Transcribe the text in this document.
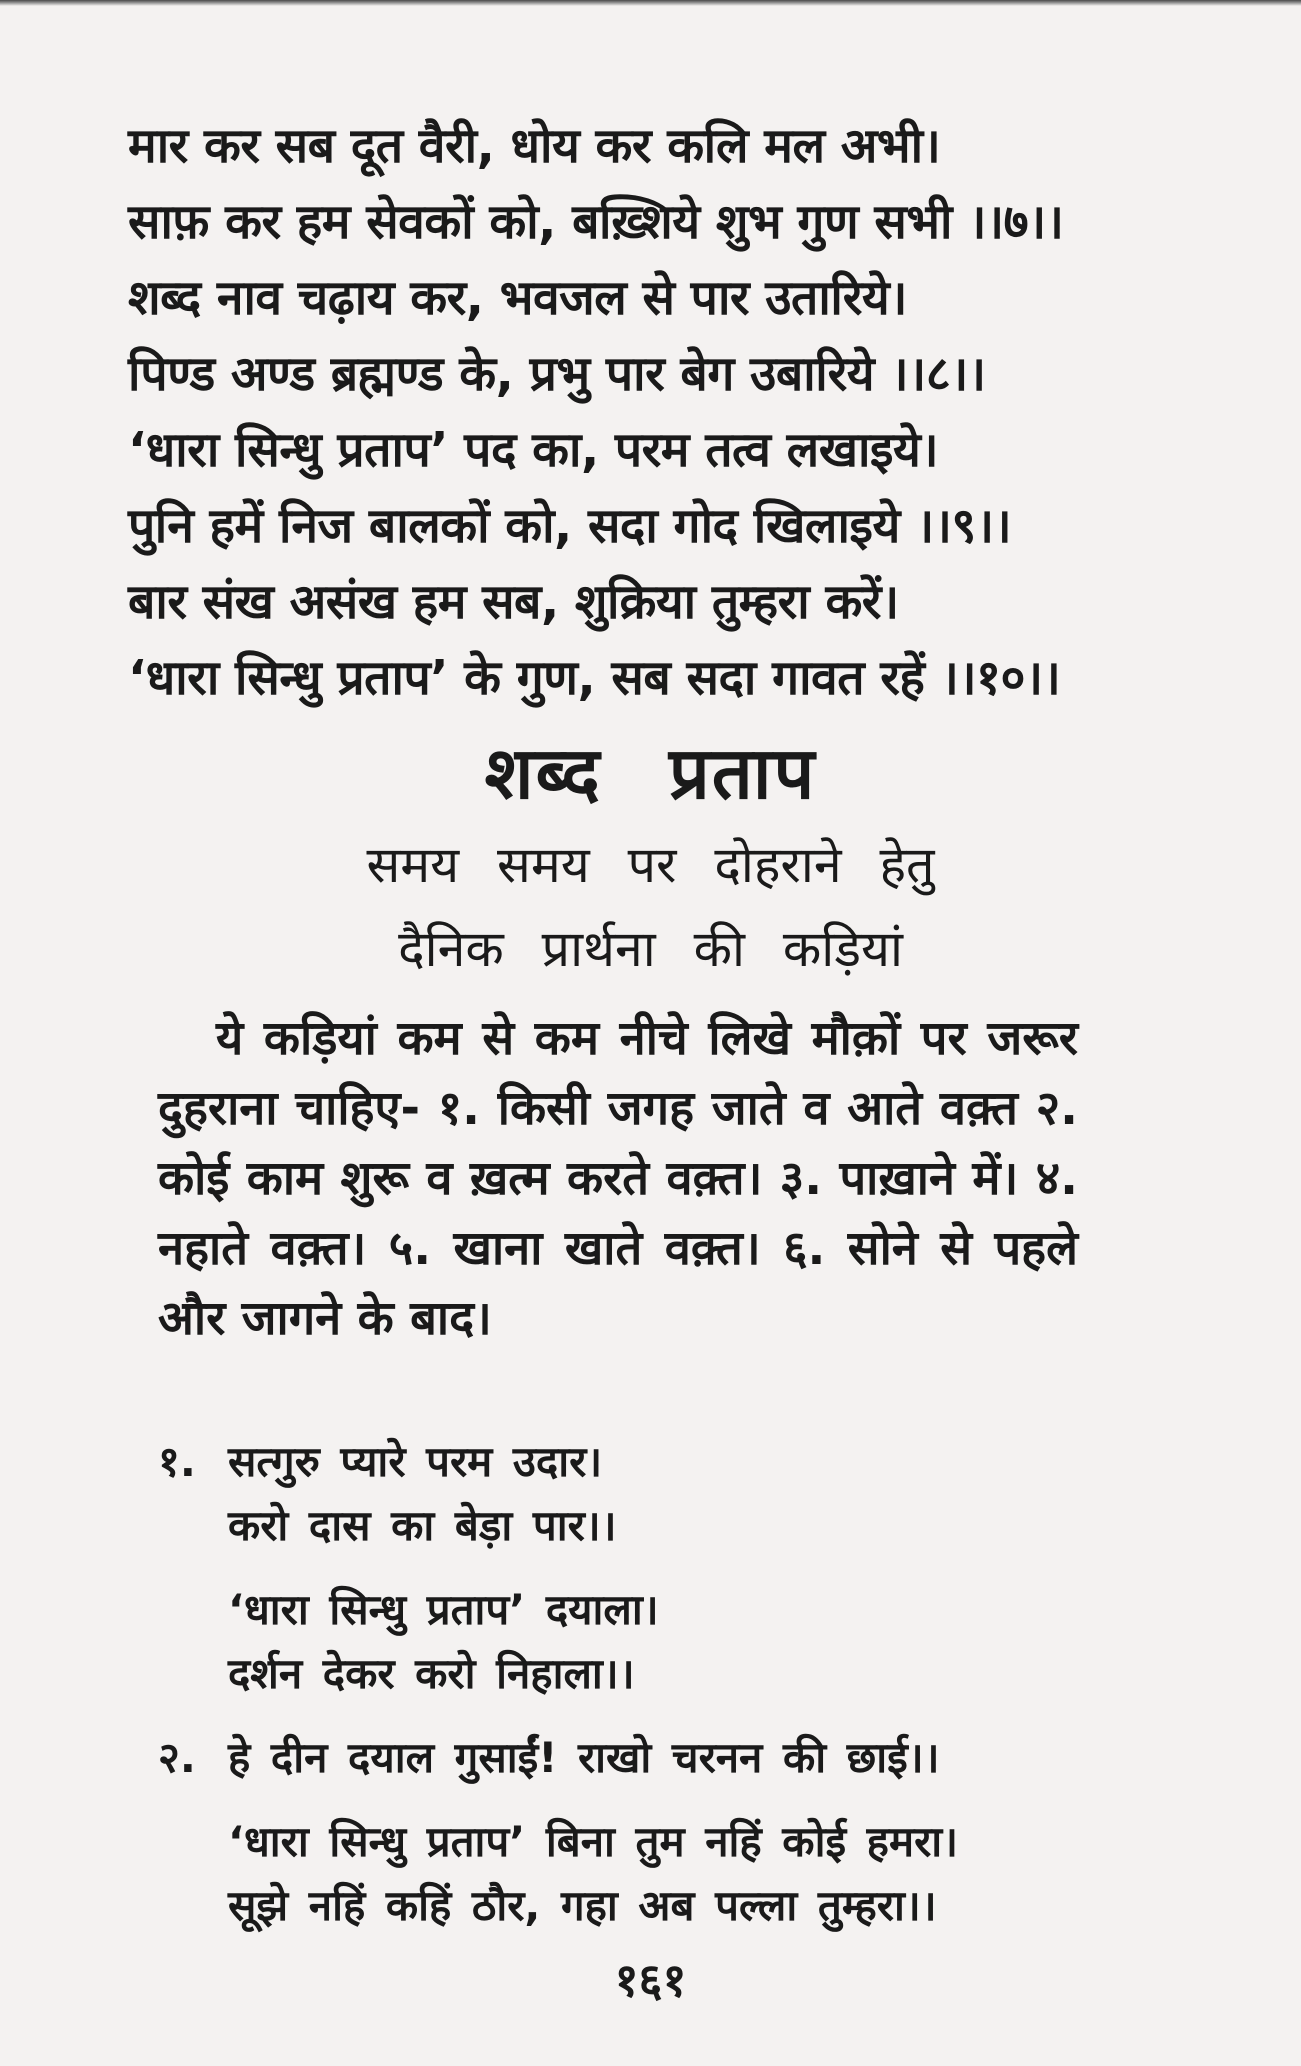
मार कर सब दूत वैरी, धोय कर कलि मल अभी।
साफ़ कर हम सेवकों को, बख़्शिये शुभ गुण सभी ।।७।।
शब्द नाव चढ़ाय कर, भवजल से पार उतारिये।
पिण्ड अण्ड ब्रह्मण्ड के, प्रभु पार बेग उबारिये ।।८।।
‘धारा सिन्धु प्रताप’ पद का, परम तत्व लखाइये।
पुनि हमें निज बालकों को, सदा गोद खिलाइये ।।९।।
बार संख असंख हम सब, शुक्रिया तुम्हरा करें।
‘धारा सिन्धु प्रताप’ के गुण, सब सदा गावत रहें ।।१०।।
शब्द प्रताप
समय समय पर दोहराने हेतु
दैनिक प्रार्थना की कड़ियां

ये कड़ियां कम से कम नीचे लिखे मौक़ों पर जरूर दुहराना चाहिए- १. किसी जगह जाते व आते वक़्त २. कोई काम शुरू व ख़त्म करते वक़्त। ३. पाख़ाने में। ४. नहाते वक़्त। ५. खाना खाते वक़्त। ६. सोने से पहले और जागने के बाद।

१. सत्गुरु प्यारे परम उदार।
करो दास का बेड़ा पार।।
‘धारा सिन्धु प्रताप’ दयाला।
दर्शन देकर करो निहाला।।
२. हे दीन दयाल गुसाईं! राखो चरनन की छाई।।
‘धारा सिन्धु प्रताप’ बिना तुम नहिं कोई हमरा।
सूझे नहिं कहिं ठौर, गहा अब पल्ला तुम्हरा।।
१६१
